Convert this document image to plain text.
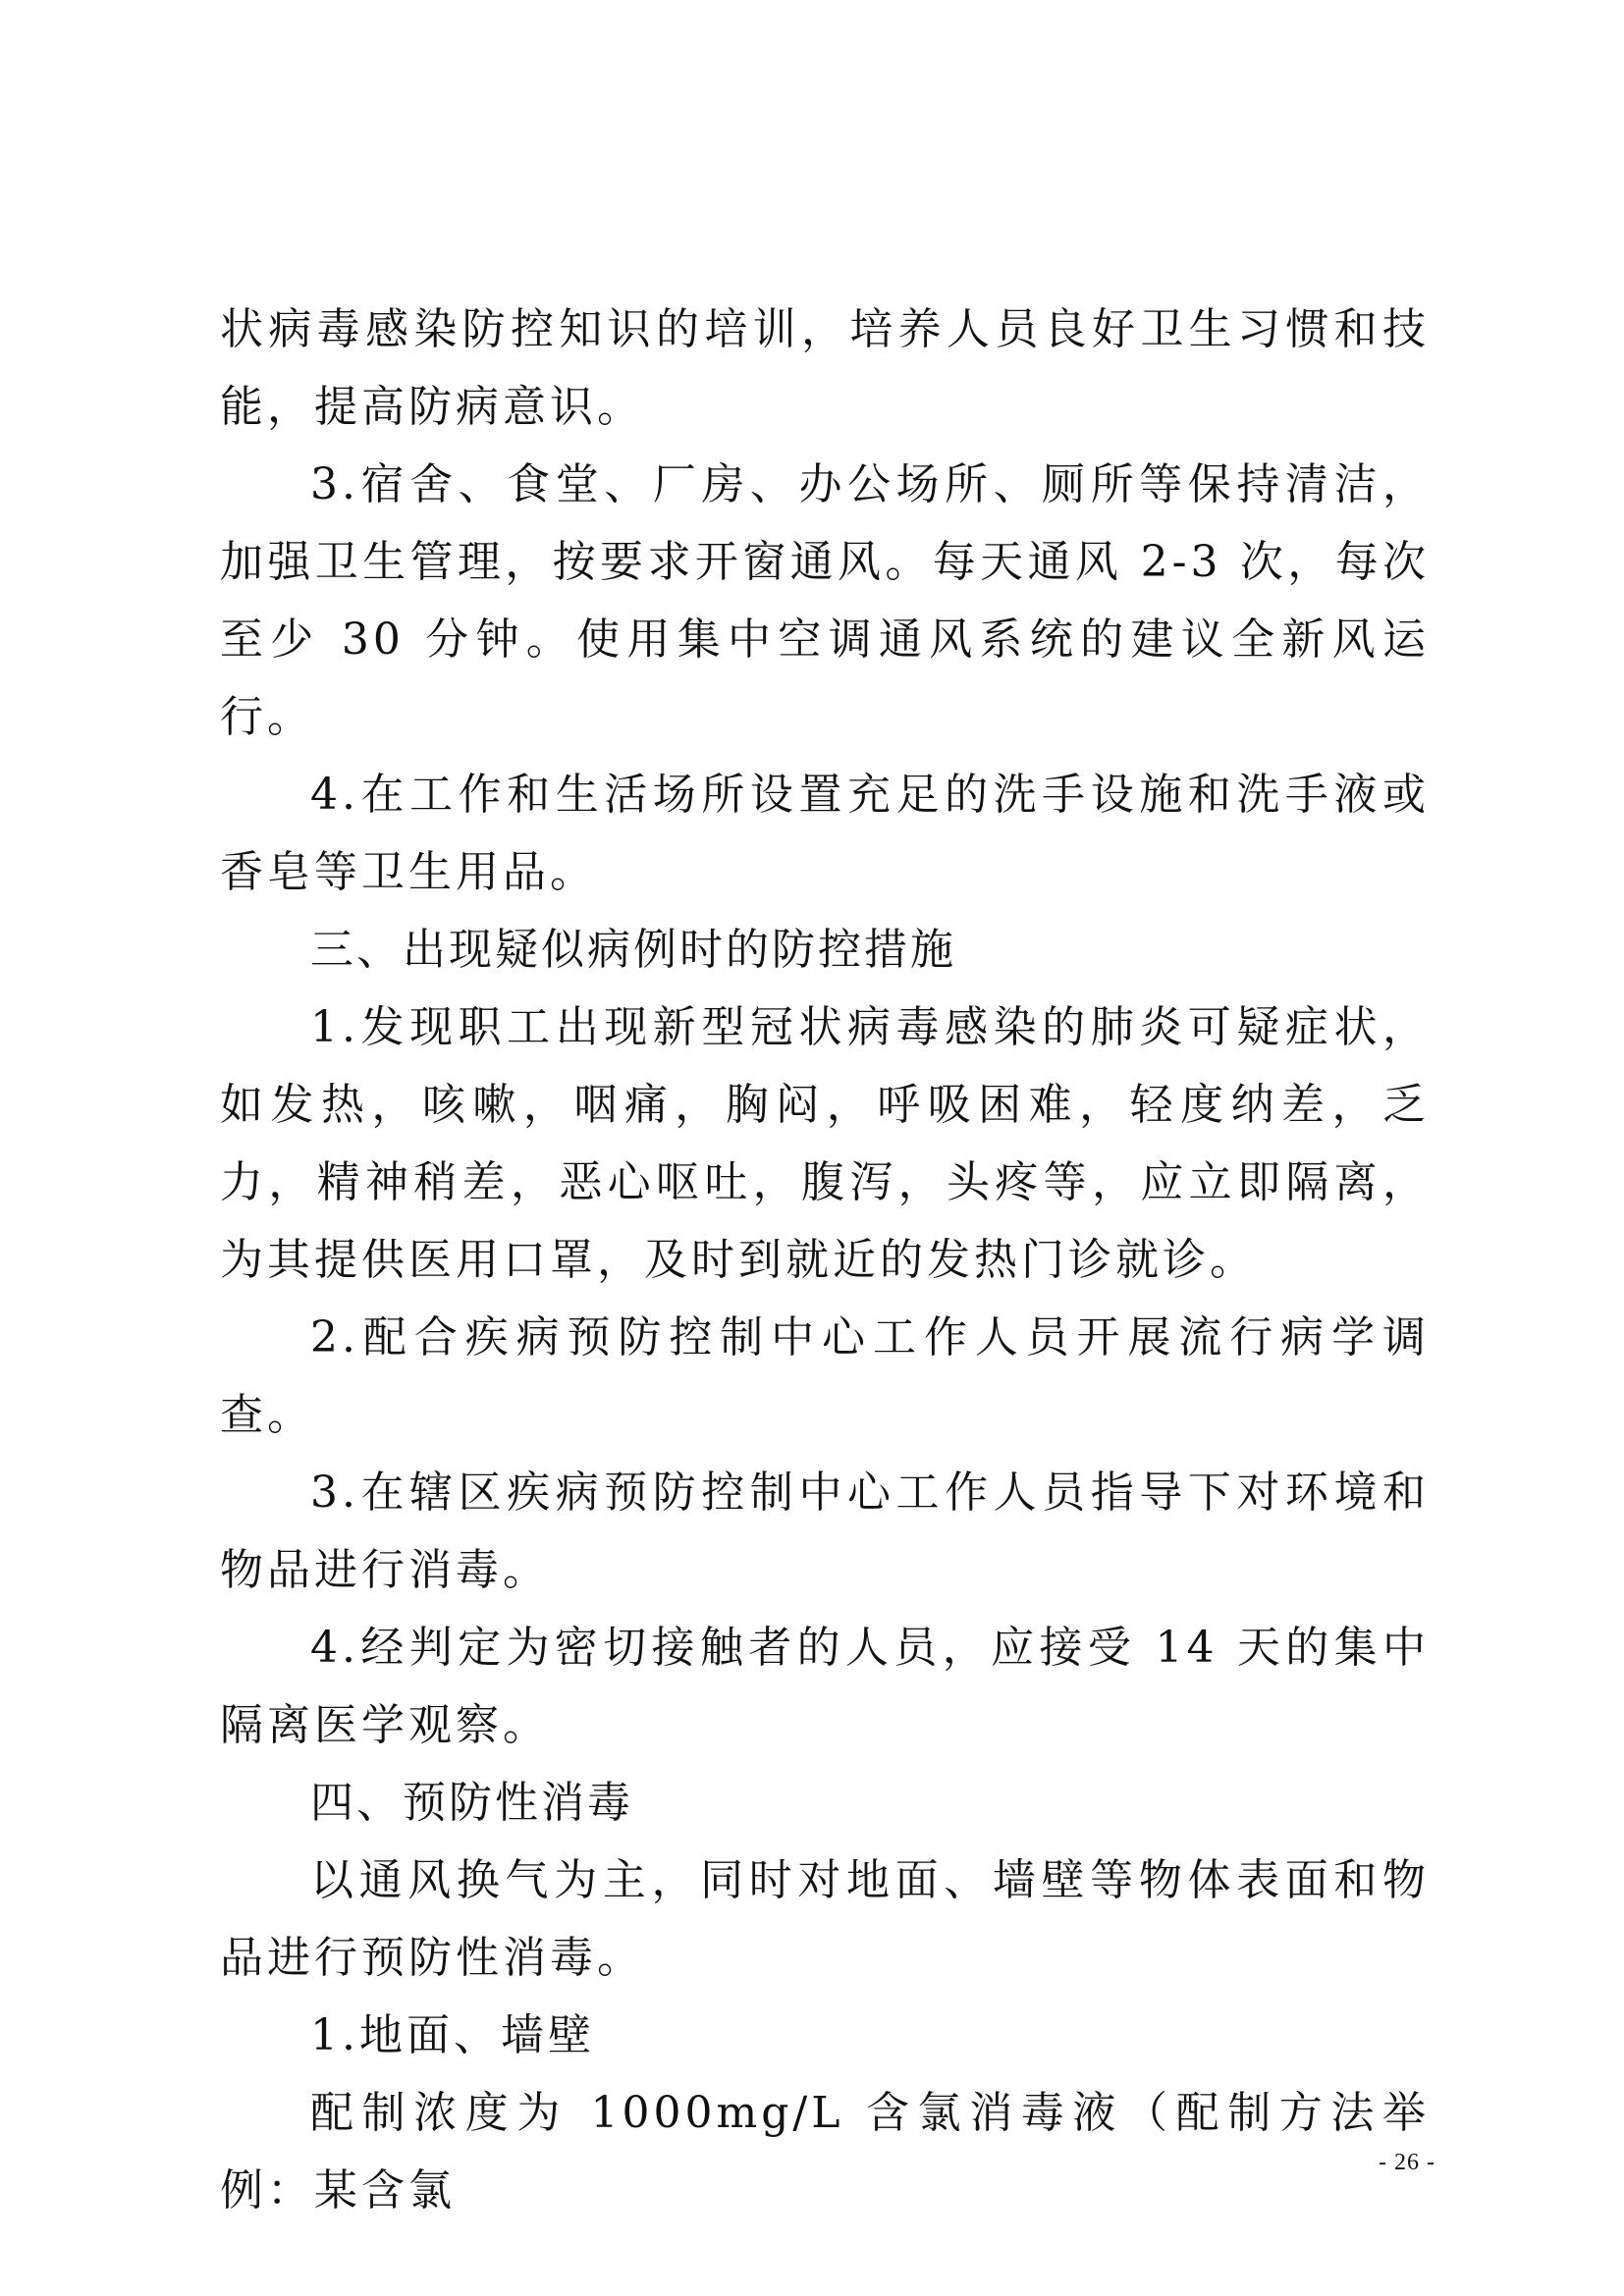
状病毒感染防控知识的培训，培养人员良好卫生习惯和技能，提高防病意识。

3.宿舍、食堂、厂房、办公场所、厕所等保持清洁，加强卫生管理，按要求开窗通风。每天通风 2-3 次，每次至少 30 分钟。使用集中空调通风系统的建议全新风运行。

4.在工作和生活场所设置充足的洗手设施和洗手液或香皂等卫生用品。

三、出现疑似病例时的防控措施

1.发现职工出现新型冠状病毒感染的肺炎可疑症状，如发热，咳嗽，咽痛，胸闷，呼吸困难，轻度纳差，乏力，精神稍差，恶心呕吐，腹泻，头疼等，应立即隔离，为其提供医用口罩，及时到就近的发热门诊就诊。

2.配合疾病预防控制中心工作人员开展流行病学调查。

3.在辖区疾病预防控制中心工作人员指导下对环境和物品进行消毒。

4.经判定为密切接触者的人员，应接受 14 天的集中隔离医学观察。

四、预防性消毒

以通风换气为主，同时对地面、墙壁等物体表面和物品进行预防性消毒。

1.地面、墙壁

配制浓度为 1000mg/L 含氯消毒液（配制方法举例：某含氯

- 26 -
